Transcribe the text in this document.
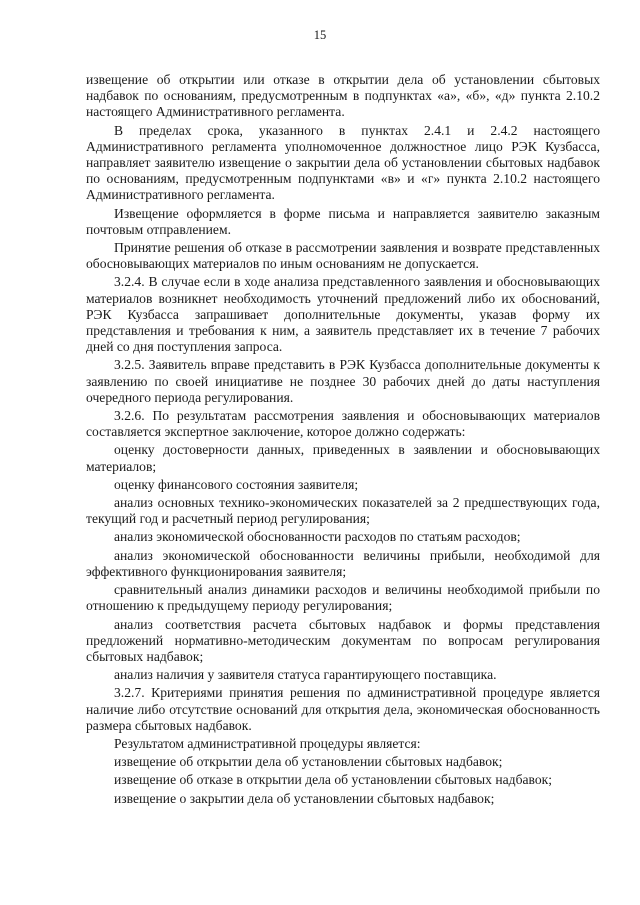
15

извещение об открытии или отказе в открытии дела об установлении сбытовых надбавок по основаниям, предусмотренным в подпунктах «а», «б», «д» пункта 2.10.2 настоящего Административного регламента.

В пределах срока, указанного в пунктах 2.4.1 и 2.4.2 настоящего Административного регламента уполномоченное должностное лицо РЭК Кузбасса, направляет заявителю извещение о закрытии дела об установлении сбытовых надбавок по основаниям, предусмотренным подпунктами «в» и «г» пункта 2.10.2 настоящего Административного регламента.

Извещение оформляется в форме письма и направляется заявителю заказным почтовым отправлением.

Принятие решения об отказе в рассмотрении заявления и возврате представленных обосновывающих материалов по иным основаниям не допускается.

3.2.4. В случае если в ходе анализа представленного заявления и обосновывающих материалов возникнет необходимость уточнений предложений либо их обоснований, РЭК Кузбасса запрашивает дополнительные документы, указав форму их представления и требования к ним, а заявитель представляет их в течение 7 рабочих дней со дня поступления запроса.

3.2.5. Заявитель вправе представить в РЭК Кузбасса дополнительные документы к заявлению по своей инициативе не позднее 30 рабочих дней до даты наступления очередного периода регулирования.

3.2.6. По результатам рассмотрения заявления и обосновывающих материалов составляется экспертное заключение, которое должно содержать:

оценку достоверности данных, приведенных в заявлении и обосновывающих материалов;

оценку финансового состояния заявителя;

анализ основных технико-экономических показателей за 2 предшествующих года, текущий год и расчетный период регулирования;

анализ экономической обоснованности расходов по статьям расходов;

анализ экономической обоснованности величины прибыли, необходимой для эффективного функционирования заявителя;

сравнительный анализ динамики расходов и величины необходимой прибыли по отношению к предыдущему периоду регулирования;

анализ соответствия расчета сбытовых надбавок и формы представления предложений нормативно-методическим документам по вопросам регулирования сбытовых надбавок;

анализ наличия у заявителя статуса гарантирующего поставщика.

3.2.7. Критериями принятия решения по административной процедуре является наличие либо отсутствие оснований для открытия дела, экономическая обоснованность размера сбытовых надбавок.

Результатом административной процедуры является:

извещение об открытии дела об установлении сбытовых надбавок;

извещение об отказе в открытии дела об установлении сбытовых надбавок;

извещение о закрытии дела об установлении сбытовых надбавок;
